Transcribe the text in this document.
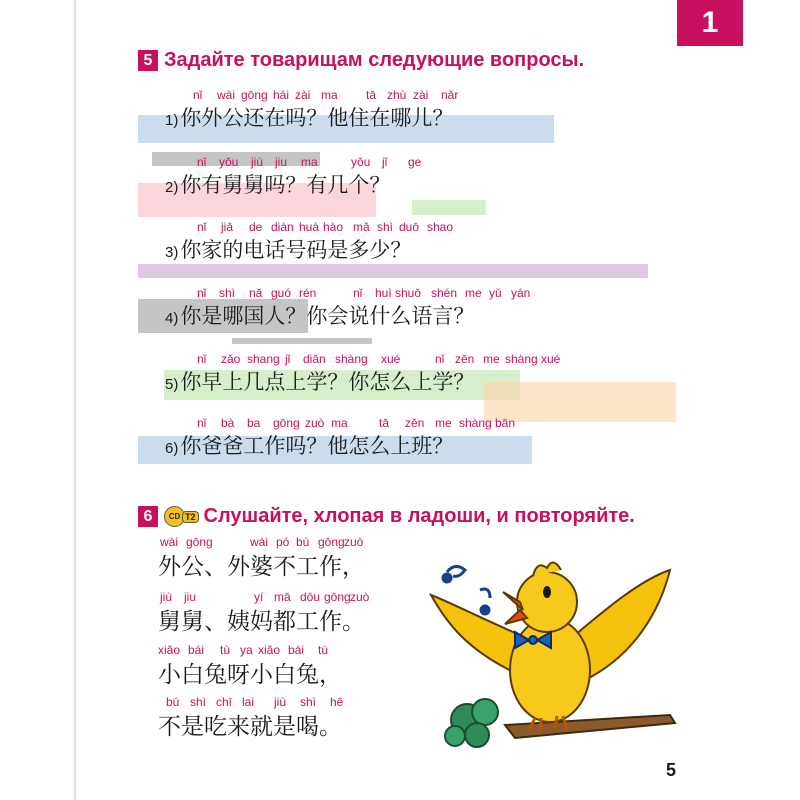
1
5 Задайте товарищам следующие вопросы.
nǐ wài gōng hái zài ma tā zhù zài nǎr
1)你外公还在吗？他住在哪儿？
nǐ yǒu jiù jiu ma	yǒu jǐ ge
2)你有舅舅吗？有几个？
nǐ jiā de diàn huà hào mǎ shì duō shao
3)你家的电话号码是多少？
nǐ shì nǎ guó rén	nǐ huì shuō shén me yǔ yán
4)你是哪国人？你会说什么语言？
nǐ zǎo shang jǐ diǎn shàng xué	nǐ zěn me shàng xué
5)你早上几点上学？你怎么上学？
nǐ bà ba gōng zuò ma	tā zěn me shàng bān
6)你爸爸工作吗？他怎么上班？
6	CD T2 Слушайте, хлопая в ладоши, и повторяйте.
wài gōng	wài pó bù gōng zuò
外公、外婆不工作，
jiù jiu	yí mā dōu gōng zuò
舅舅、姨妈都工作。
xiǎo bái tù ya xiǎo bái tù
小白兔呀小白兔，
bú shì chī lai jiù shì hē
不是吃来就是喝。
5
